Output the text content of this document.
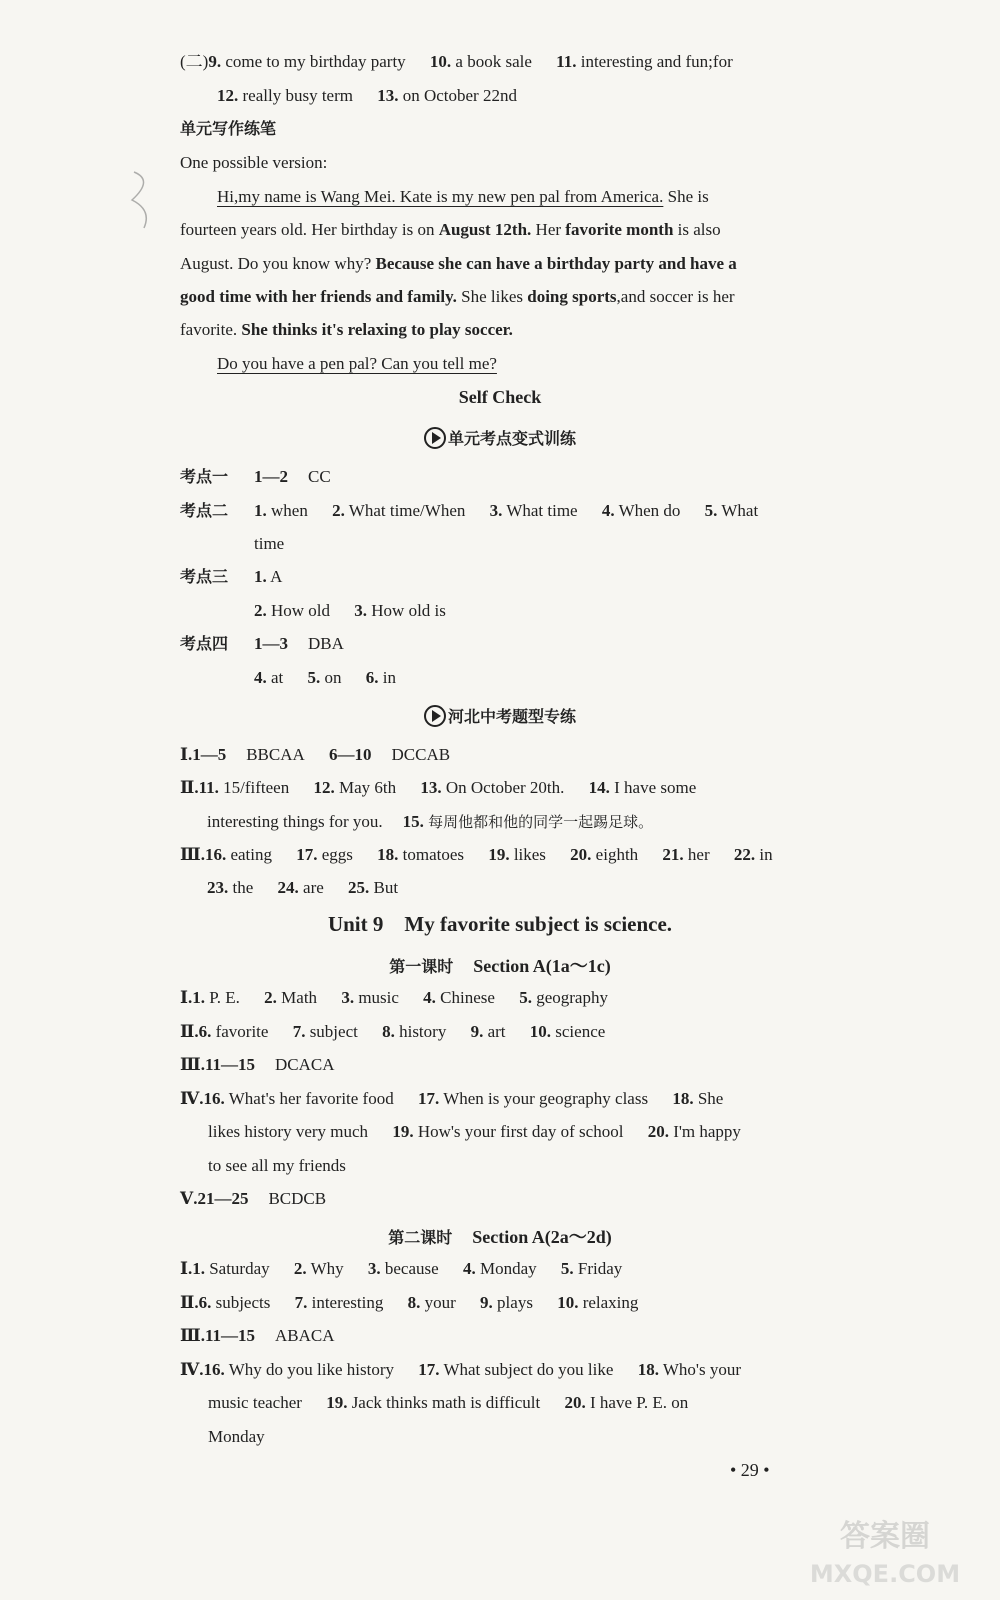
(二)9. come to my birthday party 10. a book sale 11. interesting and fun;for
12. really busy term 13. on October 22nd
单元写作练笔
One possible version:
Hi,my name is Wang Mei. Kate is my new pen pal from America. She is
fourteen years old. Her birthday is on August 12th. Her favorite month is also
August. Do you know why? Because she can have a birthday party and have a
good time with her friends and family. She likes doing sports,and soccer is her
favorite. She thinks it's relaxing to play soccer.
Do you have a pen pal? Can you tell me?
Self Check
单元考点变式训练
考点一 1—2 CC
考点二 1. when 2. What time/When 3. What time 4. When do 5. What
time
考点三 1. A
2. How old 3. How old is
考点四 1—3 DBA
4. at 5. on 6. in
河北中考题型专练
Ⅰ.1—5 BBCAA 6—10 DCCAB
Ⅱ.11. 15/fifteen 12. May 6th 13. On October 20th. 14. I have some
interesting things for you. 15. 每周他都和他的同学一起踢足球。
Ⅲ.16. eating 17. eggs 18. tomatoes 19. likes 20. eighth 21. her 22. in
23. the 24. are 25. But
Unit 9    My favorite subject is science.
第一课时 Section A(1a～1c)
Ⅰ.1. P. E. 2. Math 3. music 4. Chinese 5. geography
Ⅱ.6. favorite 7. subject 8. history 9. art 10. science
Ⅲ.11—15 DCACA
Ⅳ.16. What's her favorite food 17. When is your geography class 18. She
likes history very much 19. How's your first day of school 20. I'm happy
to see all my friends
Ⅴ.21—25 BCDCB
第二课时 Section A(2a～2d)
Ⅰ.1. Saturday 2. Why 3. because 4. Monday 5. Friday
Ⅱ.6. subjects 7. interesting 8. your 9. plays 10. relaxing
Ⅲ.11—15 ABACA
Ⅳ.16. Why do you like history 17. What subject do you like 18. Who's your
music teacher 19. Jack thinks math is difficult 20. I have P. E. on
Monday
• 29 •
答案圈
MXQE.COM
